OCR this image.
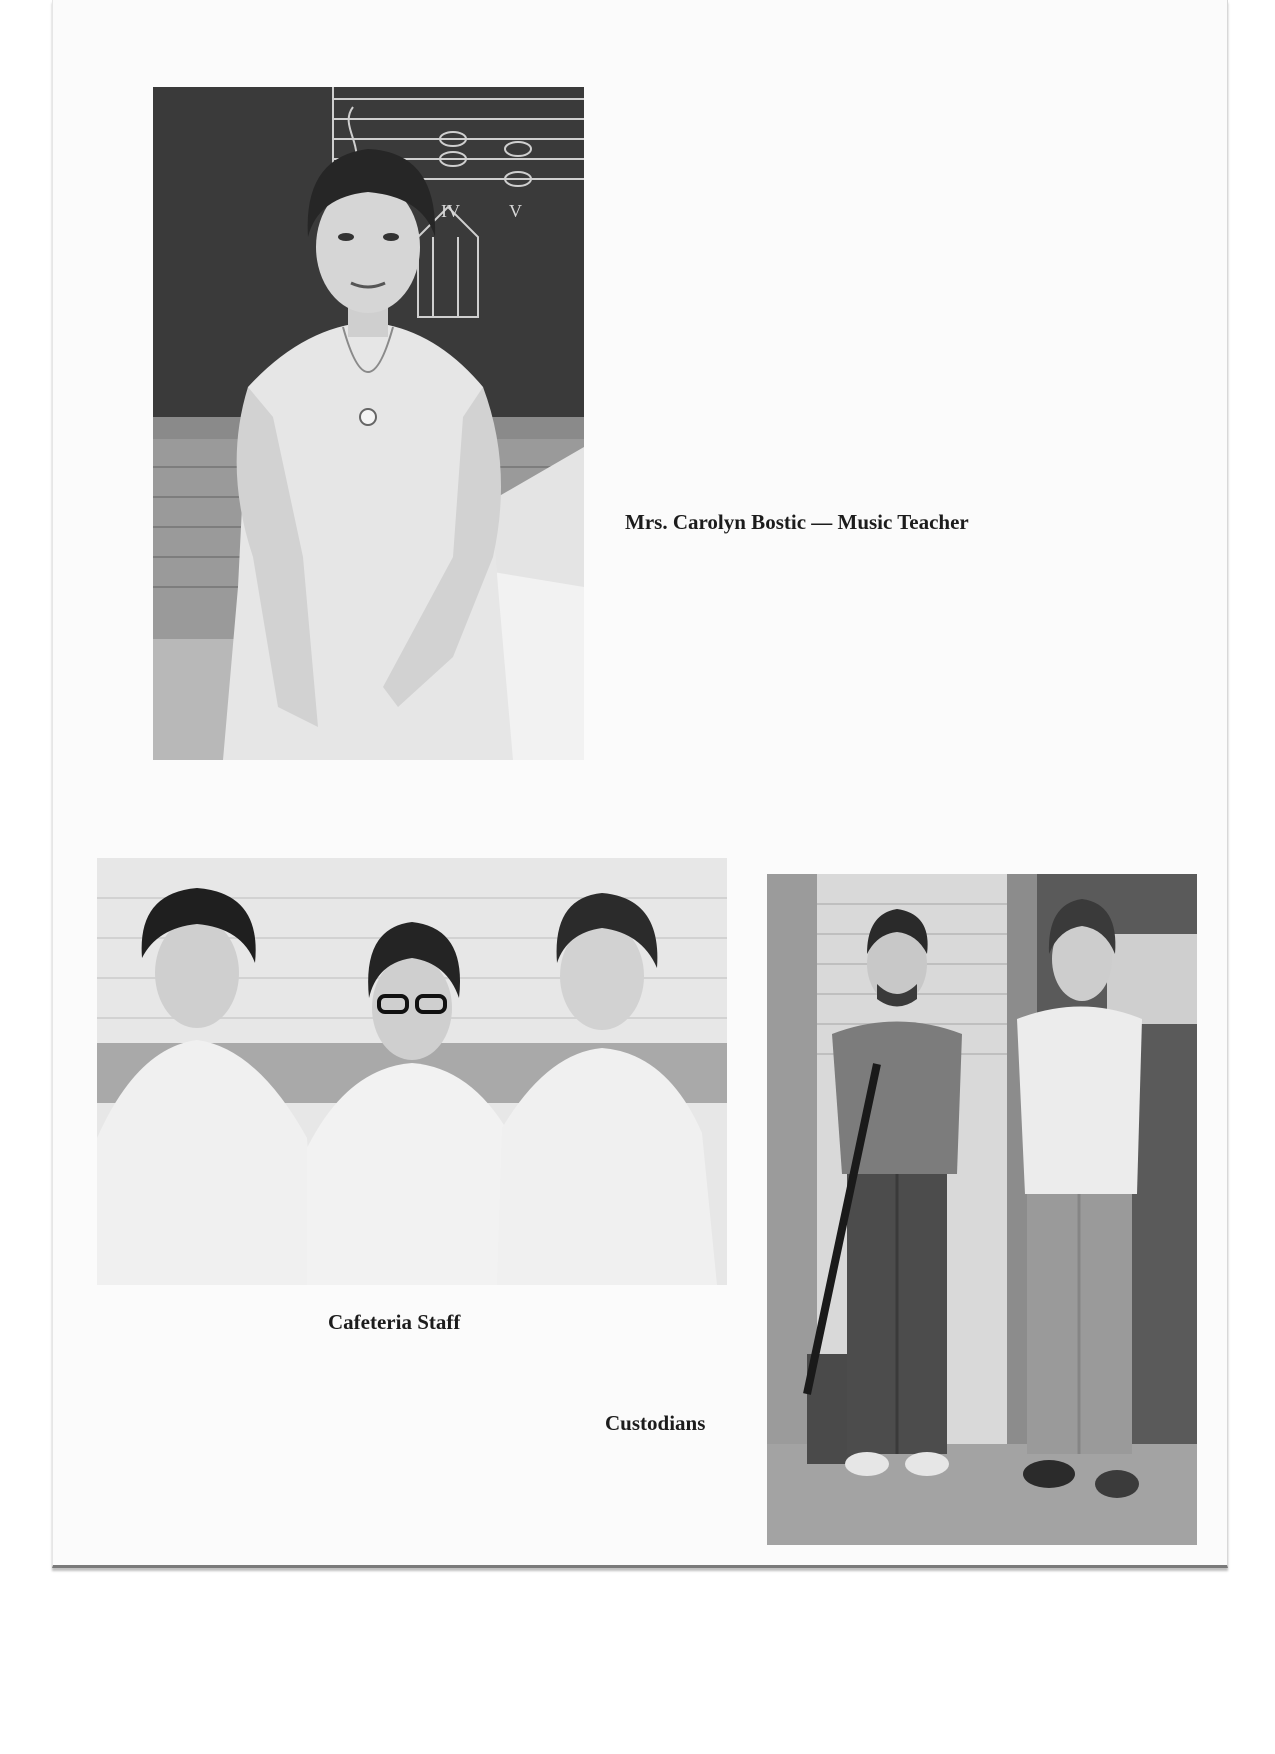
IV	V
Mrs. Carolyn Bostic — Music Teacher
Cafeteria Staff
Custodians
